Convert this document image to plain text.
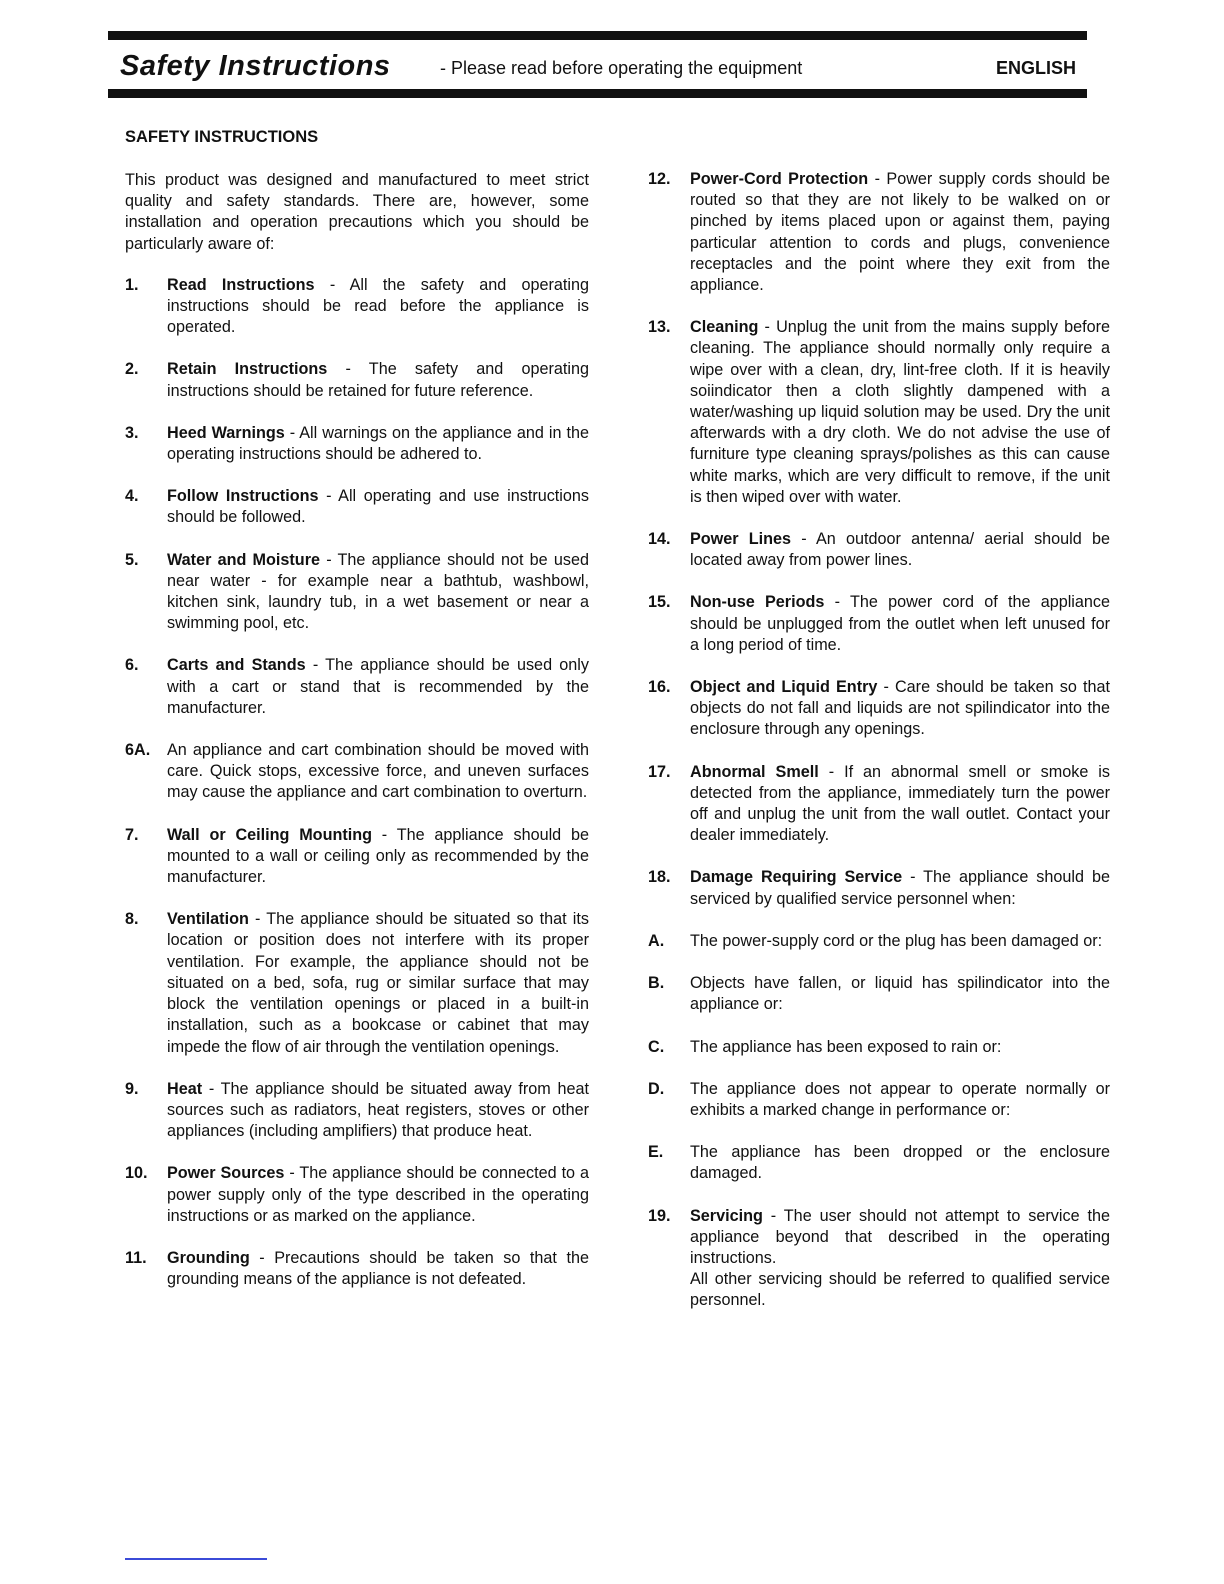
Safety Instructions	- Please read before operating the equipment	ENGLISH
SAFETY INSTRUCTIONS

This product was designed and manufactured to meet strict quality and safety standards. There are, however, some installation and operation precautions which you should be particularly aware of:

1. Read Instructions - All the safety and operating instructions should be read before the appliance is operated.
2. Retain Instructions - The safety and operating instructions should be retained for future reference.
3. Heed Warnings - All warnings on the appliance and in the operating instructions should be adhered to.
4. Follow Instructions - All operating and use instructions should be followed.
5. Water and Moisture - The appliance should not be used near water - for example near a bathtub, washbowl, kitchen sink, laundry tub, in a wet basement or near a swimming pool, etc.
6. Carts and Stands - The appliance should be used only with a cart or stand that is recommended by the manufacturer.
6A. An appliance and cart combination should be moved with care. Quick stops, excessive force, and uneven surfaces may cause the appliance and cart combination to overturn.
7. Wall or Ceiling Mounting - The appliance should be mounted to a wall or ceiling only as recommended by the manufacturer.
8. Ventilation - The appliance should be situated so that its location or position does not interfere with its proper ventilation. For example, the appliance should not be situated on a bed, sofa, rug or similar surface that may block the ventilation openings or placed in a built-in installation, such as a bookcase or cabinet that may impede the flow of air through the ventilation openings.
9. Heat - The appliance should be situated away from heat sources such as radiators, heat registers, stoves or other appliances (including amplifiers) that produce heat.
10. Power Sources - The appliance should be connected to a power supply only of the type described in the operating instructions or as marked on the appliance.
11. Grounding - Precautions should be taken so that the grounding means of the appliance is not defeated.
12. Power-Cord Protection - Power supply cords should be routed so that they are not likely to be walked on or pinched by items placed upon or against them, paying particular attention to cords and plugs, convenience receptacles and the point where they exit from the appliance.
13. Cleaning - Unplug the unit from the mains supply before cleaning. The appliance should normally only require a wipe over with a clean, dry, lint-free cloth. If it is heavily soiindicator then a cloth slightly dampened with a water/washing up liquid solution may be used. Dry the unit afterwards with a dry cloth. We do not advise the use of furniture type cleaning sprays/polishes as this can cause white marks, which are very difficult to remove, if the unit is then wiped over with water.
14. Power Lines - An outdoor antenna/ aerial should be located away from power lines.
15. Non-use Periods - The power cord of the appliance should be unplugged from the outlet when left unused for a long period of time.
16. Object and Liquid Entry - Care should be taken so that objects do not fall and liquids are not spilindicator into the enclosure through any openings.
17. Abnormal Smell - If an abnormal smell or smoke is detected from the appliance, immediately turn the power off and unplug the unit from the wall outlet. Contact your dealer immediately.
18. Damage Requiring Service - The appliance should be serviced by qualified service personnel when:
A. The power-supply cord or the plug has been damaged or:
B. Objects have fallen, or liquid has spilindicator into the appliance or:
C. The appliance has been exposed to rain or:
D. The appliance does not appear to operate normally or exhibits a marked change in performance or:
E. The appliance has been dropped or the enclosure damaged.
19. Servicing - The user should not attempt to service the appliance beyond that described in the operating instructions.
All other servicing should be referred to qualified service personnel.
